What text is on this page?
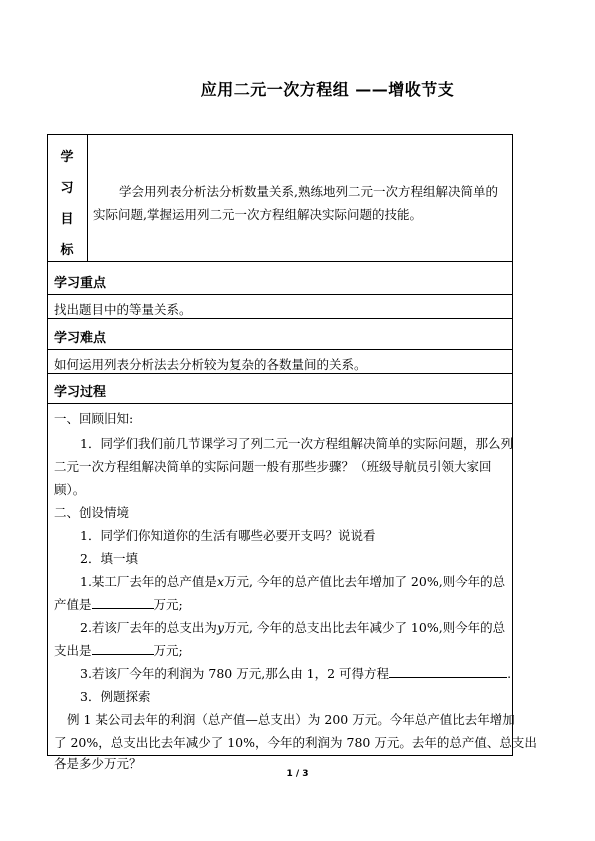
应用二元一次方程组 ——增收节支
学
习
目
标
学会用列表分析法分析数量关系,熟练地列二元一次方程组解决简单的实际问题,掌握运用列二元一次方程组解决实际问题的技能。
学习重点
找出题目中的等量关系。
学习难点
如何运用列表分析法去分析较为复杂的各数量间的关系。
学习过程
一、回顾旧知:
1．同学们我们前几节课学习了列二元一次方程组解决简单的实际问题，那么列
二元一次方程组解决简单的实际问题一般有那些步骤？（班级导航员引领大家回
顾）。
二、创设情境
1．同学们你知道你的生活有哪些必要开支吗？说说看
2．填一填
1.某工厂去年的总产值是x万元, 今年的总产值比去年增加了 20%,则今年的总
产值是	万元;
2.若该厂去年的总支出为y万元, 今年的总支出比去年减少了 10%,则今年的总
支出是	万元;
3.若该厂今年的利润为 780 万元,那么由 1，2 可得方程	.
3．例题探索
例 1 某公司去年的利润（总产值—总支出）为 200 万元。今年总产值比去年增加
了 20%，总支出比去年减少了 10%，今年的利润为 780 万元。去年的总产值、总支出
各是多少万元？
1 / 3
